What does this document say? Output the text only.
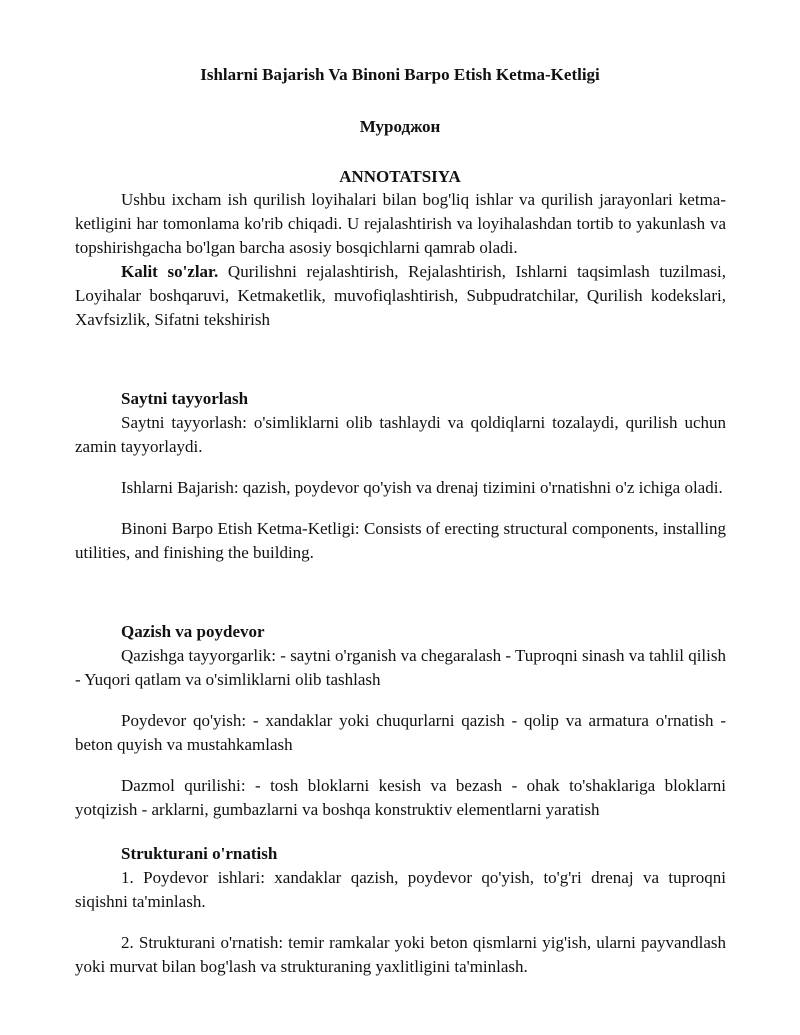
Ishlarni Bajarish Va Binoni Barpo Etish Ketma-Ketligi
Муроджон
ANNOTATSIYA

Ushbu ixcham ish qurilish loyihalari bilan bog'liq ishlar va qurilish jarayonlari ketma-ketligini har tomonlama ko'rib chiqadi. U rejalashtirish va loyihalashdan tortib to yakunlash va topshirishgacha bo'lgan barcha asosiy bosqichlarni qamrab oladi.

Kalit so'zlar. Qurilishni rejalashtirish, Rejalashtirish, Ishlarni taqsimlash tuzilmasi, Loyihalar boshqaruvi, Ketmaketlik, muvofiqlashtirish, Subpudratchilar, Qurilish kodekslari, Xavfsizlik, Sifatni tekshirish

Saytni tayyorlash

Saytni tayyorlash: o'simliklarni olib tashlaydi va qoldiqlarni tozalaydi, qurilish uchun zamin tayyorlaydi.

Ishlarni Bajarish: qazish, poydevor qo'yish va drenaj tizimini o'rnatishni o'z ichiga oladi.

Binoni Barpo Etish Ketma-Ketligi: Consists of erecting structural components, installing utilities, and finishing the building.

Qazish va poydevor

Qazishga tayyorgarlik: - saytni o'rganish va chegaralash - Tuproqni sinash va tahlil qilish - Yuqori qatlam va o'simliklarni olib tashlash

Poydevor qo'yish: - xandaklar yoki chuqurlarni qazish - qolip va armatura o'rnatish - beton quyish va mustahkamlash

Dazmol qurilishi: - tosh bloklarni kesish va bezash - ohak to'shaklariga bloklarni yotqizish - arklarni, gumbazlarni va boshqa konstruktiv elementlarni yaratish

Strukturani o'rnatish

1. Poydevor ishlari: xandaklar qazish, poydevor qo'yish, to'g'ri drenaj va tuproqni siqishni ta'minlash.

2. Strukturani o'rnatish: temir ramkalar yoki beton qismlarni yig'ish, ularni payvandlash yoki murvat bilan bog'lash va strukturaning yaxlitligini ta'minlash.
